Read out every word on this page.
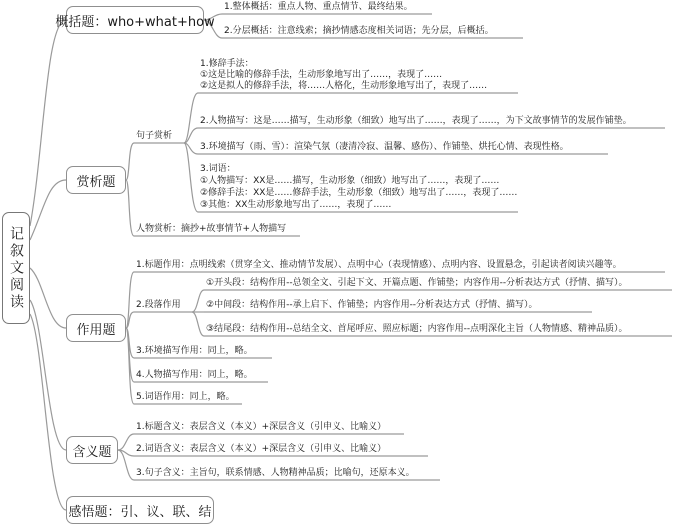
记叙文阅读
概括题：who+what+how
赏析题
作用题
含义题
感悟题：引、议、联、结
1.整体概括：重点人物、重点情节、最终结果。
2.分层概括：注意线索；摘抄情感态度相关词语；先分层，后概括。
句子赏析
1.修辞手法：
①这是比喻的修辞手法，生动形象地写出了……，表现了……
②这是拟人的修辞手法，将……人格化，生动形象地写出了，表现了……
2.人物描写：这是……描写，生动形象（细致）地写出了……，表现了……，为下文故事情节的发展作铺垫。
3.环境描写（雨、雪）：渲染气氛（凄清冷寂、温馨、感伤）、作铺垫、烘托心情、表现性格。
3.词语：
①人物描写：XX是……描写，生动形象（细致）地写出了……，表现了……
②修辞手法：XX是……修辞手法，生动形象（细致）地写出了……，表现了……
③其他：XX生动形象地写出了……，表现了……
人物赏析：摘抄+故事情节+人物描写
1.标题作用：点明线索（贯穿全文、推动情节发展）、点明中心（表现情感）、点明内容、设置悬念，引起读者阅读兴趣等。
2.段落作用
①开头段：结构作用--总领全文、引起下文、开篇点题、作铺垫；内容作用--分析表达方式（抒情、描写）。
②中间段：结构作用--承上启下、作铺垫；内容作用--分析表达方式（抒情、描写）。
③结尾段：结构作用--总结全文、首尾呼应、照应标题；内容作用--点明深化主旨（人物情感、精神品质）。
3.环境描写作用：同上，略。
4.人物描写作用：同上，略。
5.词语作用：同上，略。
1.标题含义：表层含义（本义）+深层含义（引申义、比喻义）
2.词语含义：表层含义（本义）+深层含义（引申义、比喻义）
3.句子含义：主旨句，联系情感、人物精神品质；比喻句，还原本义。
